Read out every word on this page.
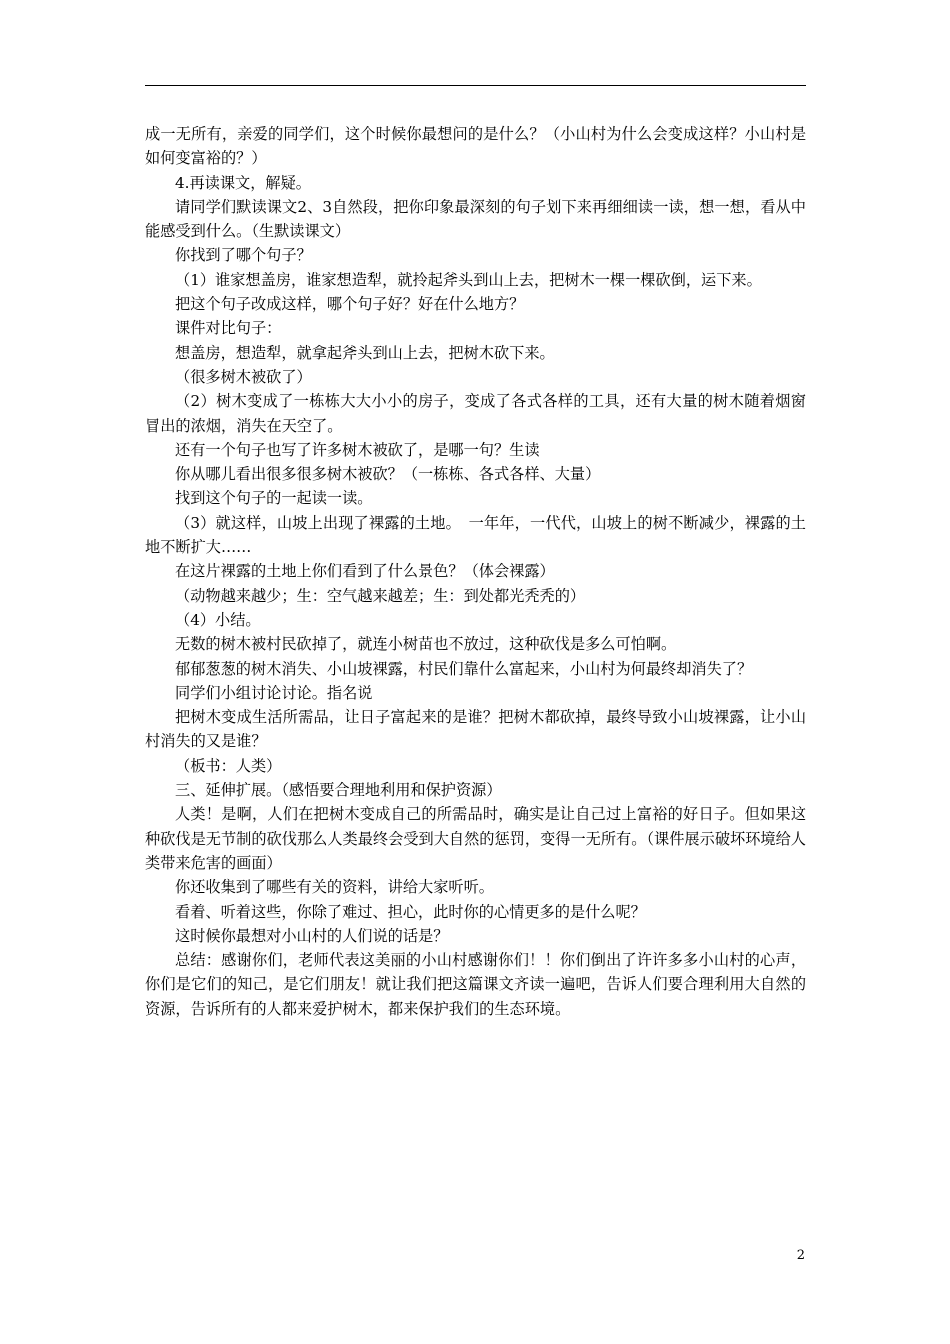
成一无所有，亲爱的同学们，这个时候你最想问的是什么？（小山村为什么会变成这样？小山村是如何变富裕的？）

4.再读课文，解疑。

请同学们默读课文2、3自然段，把你印象最深刻的句子划下来再细细读一读，想一想，看从中能感受到什么。（生默读课文）

你找到了哪个句子？

（1）谁家想盖房，谁家想造犁，就拎起斧头到山上去，把树木一棵一棵砍倒，运下来。

把这个句子改成这样，哪个句子好？好在什么地方？

课件对比句子：

想盖房，想造犁，就拿起斧头到山上去，把树木砍下来。

（很多树木被砍了）

（2）树木变成了一栋栋大大小小的房子，变成了各式各样的工具，还有大量的树木随着烟窗冒出的浓烟，消失在天空了。

还有一个句子也写了许多树木被砍了，是哪一句？生读

你从哪儿看出很多很多树木被砍？（一栋栋、各式各样、大量）

找到这个句子的一起读一读。

（3）就这样，山坡上出现了裸露的土地。　一年年，一代代，山坡上的树不断减少，裸露的土地不断扩大……

在这片裸露的土地上你们看到了什么景色？（体会裸露）

（动物越来越少；生：空气越来越差；生：到处都光秃秃的）

（4）小结。

无数的树木被村民砍掉了，就连小树苗也不放过，这种砍伐是多么可怕啊。

郁郁葱葱的树木消失、小山坡裸露，村民们靠什么富起来，小山村为何最终却消失了？

同学们小组讨论讨论。指名说

把树木变成生活所需品，让日子富起来的是谁？把树木都砍掉，最终导致小山坡裸露，让小山村消失的又是谁？

（板书：人类）

三、延伸扩展。（感悟要合理地利用和保护资源）

人类！是啊，人们在把树木变成自己的所需品时，确实是让自己过上富裕的好日子。但如果这种砍伐是无节制的砍伐那么人类最终会受到大自然的惩罚，变得一无所有。（课件展示破坏环境给人类带来危害的画面）

你还收集到了哪些有关的资料，讲给大家听听。

看着、听着这些，你除了难过、担心，此时你的心情更多的是什么呢？

这时候你最想对小山村的人们说的话是？

总结：感谢你们，老师代表这美丽的小山村感谢你们！！你们倒出了许许多多小山村的心声，你们是它们的知己，是它们朋友！就让我们把这篇课文齐读一遍吧，告诉人们要合理利用大自然的资源，告诉所有的人都来爱护树木，都来保护我们的生态环境。

2
